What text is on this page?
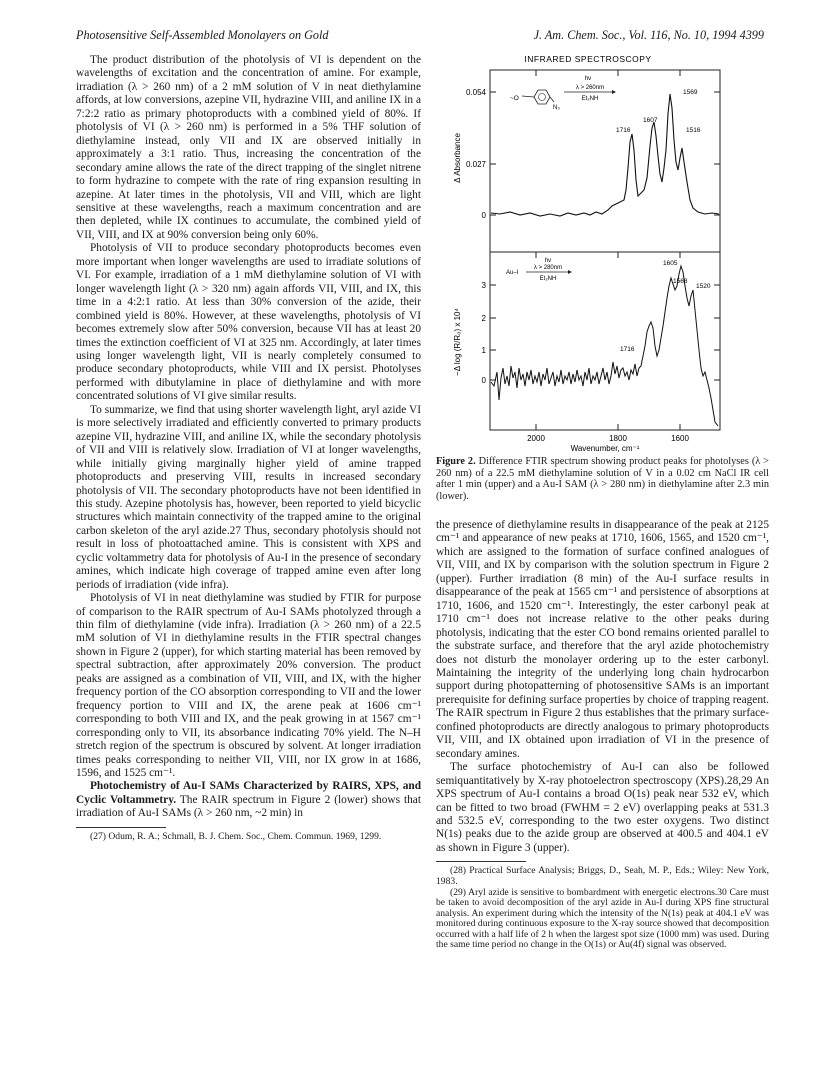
Photosensitive Self-Assembled Monolayers on Gold	J. Am. Chem. Soc., Vol. 116, No. 10, 1994 4399

The product distribution of the photolysis of VI is dependent on the wavelengths of excitation and the concentration of amine. For example, irradiation (λ > 260 nm) of a 2 mM solution of V in neat diethylamine affords, at low conversions, azepine VII, hydrazine VIII, and aniline IX in a 7:2:2 ratio as primary photoproducts with a combined yield of 80%. If photolysis of VI (λ > 260 nm) is performed in a 5% THF solution of diethylamine instead, only VII and IX are observed initially in approximately a 3:1 ratio. Thus, increasing the concentration of the secondary amine allows the rate of the direct trapping of the singlet nitrene to form hydrazine to compete with the rate of ring expansion resulting in azepine. At later times in the photolysis, VII and VIII, which are light sensitive at these wavelengths, reach a maximum concentration and are then depleted, while IX continues to accumulate, the combined yield of VII, VIII, and IX at 90% conversion being only 60%.

Photolysis of VII to produce secondary photoproducts becomes even more important when longer wavelengths are used to irradiate solutions of VI. For example, irradiation of a 1 mM diethylamine solution of VI with longer wavelength light (λ > 320 nm) again affords VII, VIII, and IX, this time in a 4:2:1 ratio. At less than 30% conversion of the azide, their combined yield is 80%. However, at these wavelengths, photolysis of VI becomes extremely slow after 50% conversion, because VII has at least 20 times the extinction coefficient of VI at 325 nm. Accordingly, at later times using longer wavelength light, VII is nearly completely consumed to produce secondary photoproducts, while VIII and IX persist. Photolyses performed with dibutylamine in place of diethylamine and with more concentrated solutions of VI give similar results.

To summarize, we find that using shorter wavelength light, aryl azide VI is more selectively irradiated and efficiently converted to primary products azepine VII, hydrazine VIII, and aniline IX, while the secondary photolysis of VII and VIII is relatively slow. Irradiation of VI at longer wavelengths, while initially giving marginally higher yield of amine trapped photoproducts and preserving VIII, results in increased secondary photolysis of VII. The secondary photoproducts have not been identified in this study. Azepine photolysis has, however, been reported to yield bicyclic structures which maintain connectivity of the trapped amine to the original carbon skeleton of the aryl azide.27 Thus, secondary photolysis should not result in loss of photoattached amine. This is consistent with XPS and cyclic voltammetry data for photolysis of Au-I in the presence of secondary amines, which indicate high coverage of trapped amine even after long periods of irradiation (vide infra).

Photolysis of VI in neat diethylamine was studied by FTIR for purpose of comparison to the RAIR spectrum of Au-I SAMs photolyzed through a thin film of diethylamine (vide infra). Irradiation (λ > 260 nm) of a 22.5 mM solution of VI in diethylamine results in the FTIR spectral changes shown in Figure 2 (upper), for which starting material has been removed by spectral subtraction, after approximately 20% conversion. The product peaks are assigned as a combination of VII, VIII, and IX, with the higher frequency portion of the CO absorption corresponding to VII and the lower frequency portion to VIII and IX, the arene peak at 1606 cm⁻¹ corresponding to both VIII and IX, and the peak growing in at 1567 cm⁻¹ corresponding only to VII, its absorbance indicating 70% yield. The N–H stretch region of the spectrum is obscured by solvent. At longer irradiation times peaks corresponding to neither VII, VIII, nor IX grow in at 1686, 1596, and 1525 cm⁻¹.

Photochemistry of Au-I SAMs Characterized by RAIRS, XPS, and Cyclic Voltammetry. The RAIR spectrum in Figure 2 (lower) shows that irradiation of Au-I SAMs (λ > 260 nm, ~2 min) in

(27) Odum, R. A.; Schmall, B. J. Chem. Soc., Chem. Commun. 1969, 1299.

INFRARED SPECTROSCOPY
0.054
0.027
0
Δ Absorbance
~O
N₃
hν
λ > 260nm
Et₂NH
1569
1716
1607
1516
3
2
1
0
−Δ log (R/R₀) x 10⁴
hν
Au–I
λ > 280nm
Et₂NH
1605
1568
1520
1716
2000	1800	1600
Wavenumber, cm⁻¹
Figure 2. Difference FTIR spectrum showing product peaks for photolyses (λ > 260 nm) of a 22.5 mM diethylamine solution of V in a 0.02 cm NaCl IR cell after 1 min (upper) and a Au-I SAM (λ > 280 nm) in diethylamine after 2.3 min (lower).

the presence of diethylamine results in disappearance of the peak at 2125 cm⁻¹ and appearance of new peaks at 1710, 1606, 1565, and 1520 cm⁻¹, which are assigned to the formation of surface confined analogues of VII, VIII, and IX by comparison with the solution spectrum in Figure 2 (upper). Further irradiation (8 min) of the Au-I surface results in disappearance of the peak at 1565 cm⁻¹ and persistence of absorptions at 1710, 1606, and 1520 cm⁻¹. Interestingly, the ester carbonyl peak at 1710 cm⁻¹ does not increase relative to the other peaks during photolysis, indicating that the ester CO bond remains oriented parallel to the substrate surface, and therefore that the aryl azide photochemistry does not disturb the monolayer ordering up to the ester carbonyl. Maintaining the integrity of the underlying long chain hydrocarbon support during photopatterning of photosensitive SAMs is an important prerequisite for defining surface properties by choice of trapping reagent. The RAIR spectrum in Figure 2 thus establishes that the primary surface-confined photoproducts are directly analogous to primary photoproducts VII, VIII, and IX obtained upon irradiation of VI in the presence of secondary amines.

The surface photochemistry of Au-I can also be followed semiquantitatively by X-ray photoelectron spectroscopy (XPS).28,29 An XPS spectrum of Au-I contains a broad O(1s) peak near 532 eV, which can be fitted to two broad (FWHM = 2 eV) overlapping peaks at 531.3 and 532.5 eV, corresponding to the two ester oxygens. Two distinct N(1s) peaks due to the azide group are observed at 400.5 and 404.1 eV as shown in Figure 3 (upper).

(28) Practical Surface Analysis; Briggs, D., Seah, M. P., Eds.; Wiley: New York, 1983.

(29) Aryl azide is sensitive to bombardment with energetic electrons.30 Care must be taken to avoid decomposition of the aryl azide in Au-I during XPS fine structural analysis. An experiment during which the intensity of the N(1s) peak at 404.1 eV was monitored during continuous exposure to the X-ray source showed that decomposition occurred with a half life of 2 h when the largest spot size (1000 mm) was used. During the same time period no change in the O(1s) or Au(4f) signal was observed.
